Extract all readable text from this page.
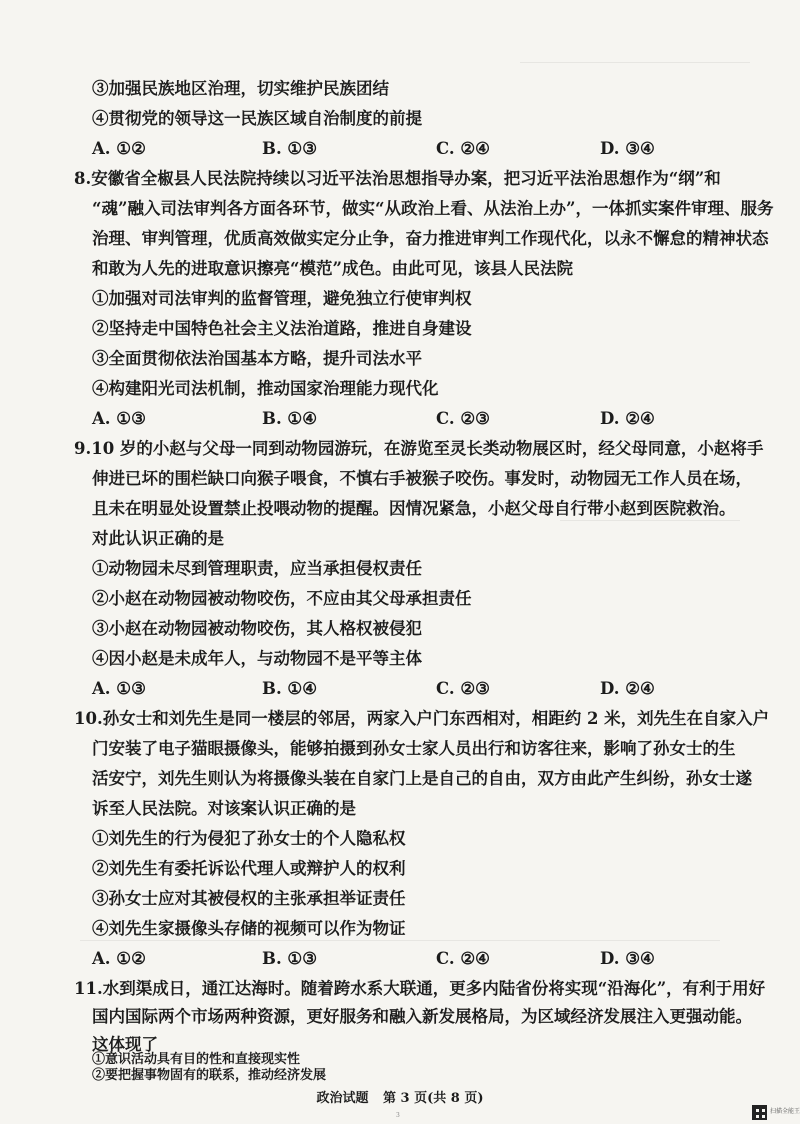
③加强民族地区治理，切实维护民族团结
④贯彻党的领导这一民族区域自治制度的前提
A. ①②	B. ①③	C. ②④	D. ③④
8.安徽省全椒县人民法院持续以习近平法治思想指导办案，把习近平法治思想作为“纲”和
“魂”融入司法审判各方面各环节，做实“从政治上看、从法治上办”，一体抓实案件审理、服务
治理、审判管理，优质高效做实定分止争，奋力推进审判工作现代化，以永不懈怠的精神状态
和敢为人先的进取意识擦亮“模范”成色。由此可见，该县人民法院
①加强对司法审判的监督管理，避免独立行使审判权
②坚持走中国特色社会主义法治道路，推进自身建设
③全面贯彻依法治国基本方略，提升司法水平
④构建阳光司法机制，推动国家治理能力现代化
A. ①③	B. ①④	C. ②③	D. ②④
9.10 岁的小赵与父母一同到动物园游玩，在游览至灵长类动物展区时，经父母同意，小赵将手
伸进已坏的围栏缺口向猴子喂食，不慎右手被猴子咬伤。事发时，动物园无工作人员在场，
且未在明显处设置禁止投喂动物的提醒。因情况紧急，小赵父母自行带小赵到医院救治。
对此认识正确的是
①动物园未尽到管理职责，应当承担侵权责任
②小赵在动物园被动物咬伤，不应由其父母承担责任
③小赵在动物园被动物咬伤，其人格权被侵犯
④因小赵是未成年人，与动物园不是平等主体
A. ①③	B. ①④	C. ②③	D. ②④
10.孙女士和刘先生是同一楼层的邻居，两家入户门东西相对，相距约 2 米，刘先生在自家入户
门安装了电子猫眼摄像头，能够拍摄到孙女士家人员出行和访客往来，影响了孙女士的生
活安宁，刘先生则认为将摄像头装在自家门上是自己的自由，双方由此产生纠纷，孙女士遂
诉至人民法院。对该案认识正确的是
①刘先生的行为侵犯了孙女士的个人隐私权
②刘先生有委托诉讼代理人或辩护人的权利
③孙女士应对其被侵权的主张承担举证责任
④刘先生家摄像头存储的视频可以作为物证
A. ①②	B. ①③	C. ②④	D. ③④
11.水到渠成日，通江达海时。随着跨水系大联通，更多内陆省份将实现“沿海化”，有利于用好
国内国际两个市场两种资源，更好服务和融入新发展格局，为区域经济发展注入更强动能。
这体现了
①意识活动具有目的性和直接现实性
政治试题 第 3 页(共 8 页)
3
扫描全能王
②要把握事物固有的联系，推动经济发展
